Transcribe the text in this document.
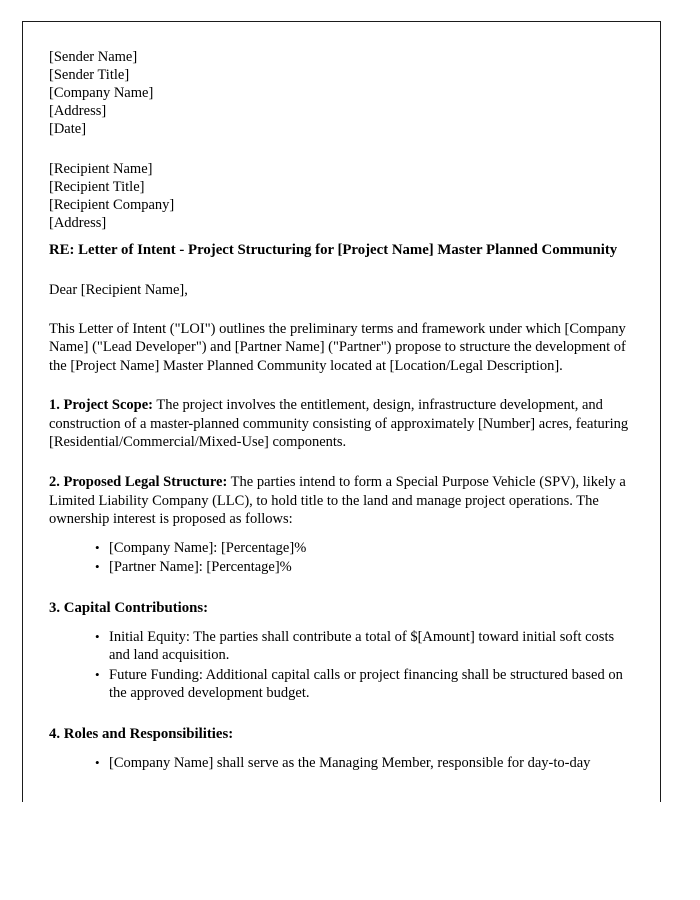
[Sender Name]
[Sender Title]
[Company Name]
[Address]
[Date]
[Recipient Name]
[Recipient Title]
[Recipient Company]
[Address]
RE: Letter of Intent - Project Structuring for [Project Name] Master Planned Community
Dear [Recipient Name],

This Letter of Intent ("LOI") outlines the preliminary terms and framework under which [Company Name] ("Lead Developer") and [Partner Name] ("Partner") propose to structure the development of the [Project Name] Master Planned Community located at [Location/Legal Description].

1. Project Scope: The project involves the entitlement, design, infrastructure development, and construction of a master-planned community consisting of approximately [Number] acres, featuring [Residential/Commercial/Mixed-Use] components.

2. Proposed Legal Structure: The parties intend to form a Special Purpose Vehicle (SPV), likely a Limited Liability Company (LLC), to hold title to the land and manage project operations. The ownership interest is proposed as follows:

• [Company Name]: [Percentage]%
• [Partner Name]: [Percentage]%
3. Capital Contributions:
• Initial Equity: The parties shall contribute a total of $[Amount] toward initial soft costs and land acquisition.
• Future Funding: Additional capital calls or project financing shall be structured based on the approved development budget.
4. Roles and Responsibilities:
• [Company Name] shall serve as the Managing Member, responsible for day-to-day
